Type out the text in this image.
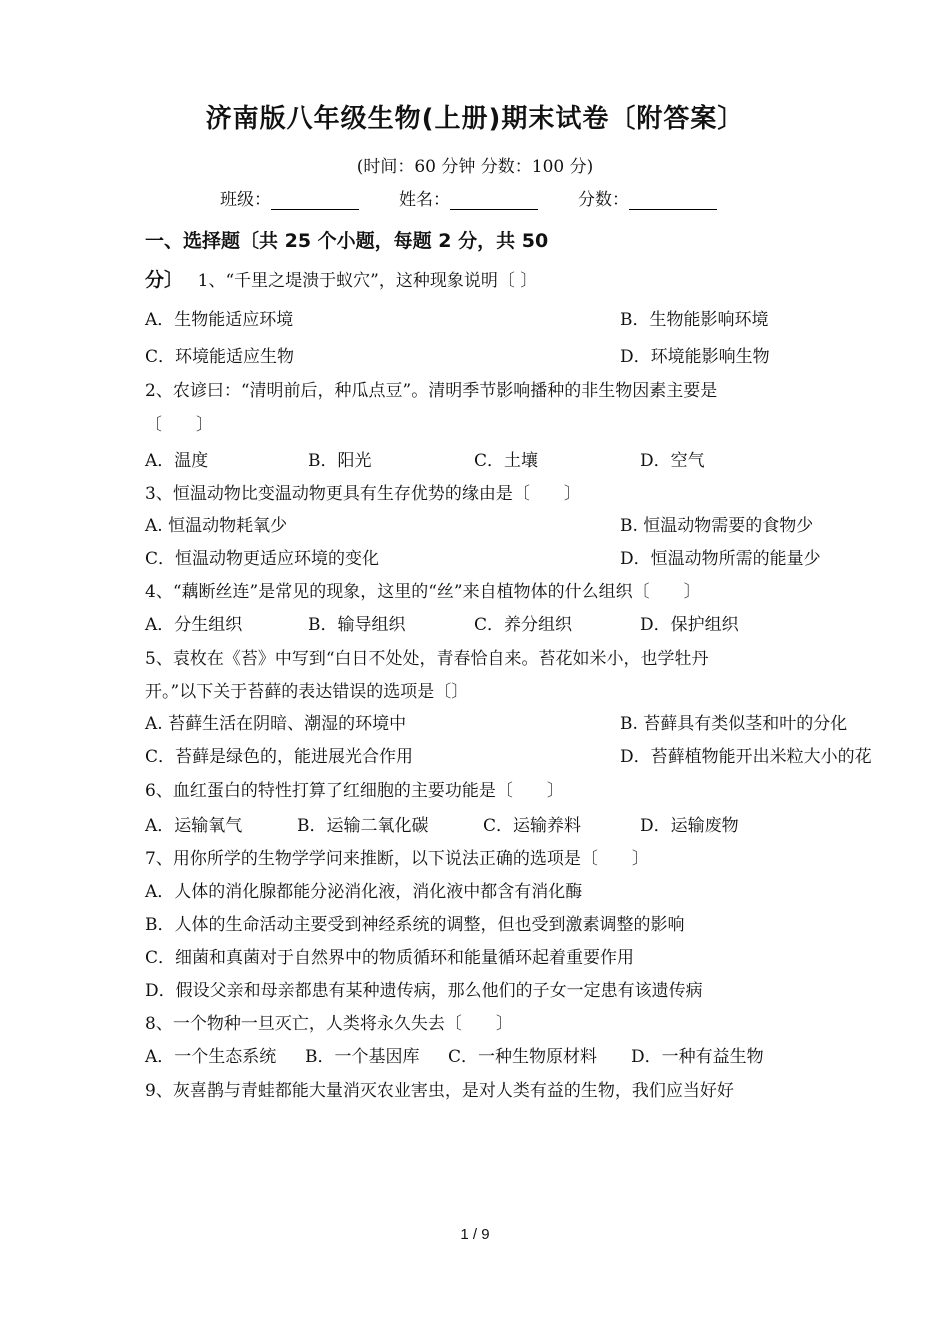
济南版八年级生物(上册)期末试卷〔附答案〕
(时间：60 分钟 分数：100 分)
班级：	姓名：	分数：
一、选择题〔共 25 个小题，每题 2 分，共 50
分〕 1、“千里之堤溃于蚁穴”，这种现象说明〔 〕
A．生物能适应环境	B．生物能影响环境
C．环境能适应生物	D．环境能影响生物
2、农谚曰：“清明前后，种瓜点豆”。清明季节影响播种的非生物因素主要是
〔　　〕
A．温度	B．阳光	C．土壤	D．空气
3、恒温动物比变温动物更具有生存优势的缘由是〔　　〕
A. 恒温动物耗氧少	B. 恒温动物需要的食物少
C．恒温动物更适应环境的变化	D．恒温动物所需的能量少
4、“藕断丝连”是常见的现象，这里的“丝”来自植物体的什么组织〔　　〕
A．分生组织	B．输导组织	C．养分组织	D．保护组织
5、袁枚在《苔》中写到“白日不处处，青春恰自来。苔花如米小，也学牡丹
开。”以下关于苔藓的表达错误的选项是〔〕
A. 苔藓生活在阴暗、潮湿的环境中	B. 苔藓具有类似茎和叶的分化
C．苔藓是绿色的，能进展光合作用	D．苔藓植物能开出米粒大小的花
6、血红蛋白的特性打算了红细胞的主要功能是〔　　〕
A．运输氧气	B．运输二氧化碳	C．运输养料	D．运输废物
7、用你所学的生物学学问来推断，以下说法正确的选项是〔　　〕
A．人体的消化腺都能分泌消化液，消化液中都含有消化酶
B．人体的生命活动主要受到神经系统的调整，但也受到激素调整的影响
C．细菌和真菌对于自然界中的物质循环和能量循环起着重要作用
D．假设父亲和母亲都患有某种遗传病，那么他们的子女一定患有该遗传病
8、一个物种一旦灭亡，人类将永久失去〔　　〕
A．一个生态系统 B．一个基因库 C．一种生物原材料 D．一种有益生物
9、灰喜鹊与青蛙都能大量消灭农业害虫，是对人类有益的生物，我们应当好好
1 / 9
